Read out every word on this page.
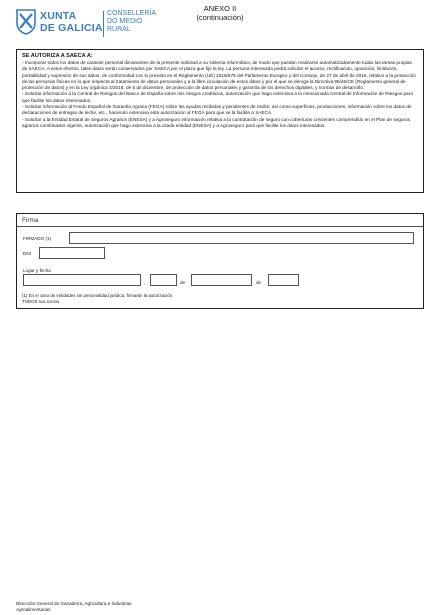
XUNTA
DE GALICIA
CONSELLERÍA
DO MEDIO
RURAL
ANEXO II
(continuación)
SE AUTORIZA A SAECA A:

- Incorporar todos los datos de carácter personal dimanantes de la presente solicitud a su sistema informático, de modo que puedan realizarse automatizadamente todas las tareas propias de SAECA. A estos efectos, tales datos serán conservados por SAECA por el plazo que fije la ley. La persona interesada podrá solicitar el acceso, rectificación, oposición, limitación, portabilidad y supresión de sus datos, de conformidad con lo previsto en el Reglamento (UE) 2016/679 del Parlamento Europeo y del Consejo, de 27 de abril de 2016, relativo a la protección de las personas físicas en lo que respecta al tratamiento de datos personales y a la libre circulación de estos datos y por el que se deroga la Directiva 95/46/CE (Reglamento general de protección de datos) y en la Ley orgánica 3/2018, de 5 de diciembre, de protección de datos personales y garantía de los derechos digitales, y normas de desarrollo.

- Solicitar información a la Central de Riesgos del Banco de España sobre mis riesgos crediticios, autorización que hago extensiva a la mencionada Central de Información de Riesgos para que facilite los datos interesados.

- Solicitar información al Fondo Español de Garantía Agraria (FEGA) sobre las ayudas recibidas y pendientes de recibir, así como superficies, producciones, información sobre los datos de declaraciones de entregas de leche, etc., haciendo extensiva esta autorización al FEGA para que se la facilite a SAECA.

- Solicitar a la Entidad Estatal de Seguros Agrarios (ENESA) y a Agroseguro información relativa a la contratación de seguro con coberturas crecientes comprendido en el Plan de seguros agrarios combinados vigente, autorización que hago extensiva a la citada entidad (ENESA) y a Agroseguro para que facilite los datos interesados.

Firma
FIRMADO (1)
DNI
Lugar y fecha
,	de	de
(1) En el caso de entidades sin personalidad jurídica, firmarán la autorización
TODOS sus socios
Dirección General de Ganadería, Agricultura e Industrias
Agroalimentarias
